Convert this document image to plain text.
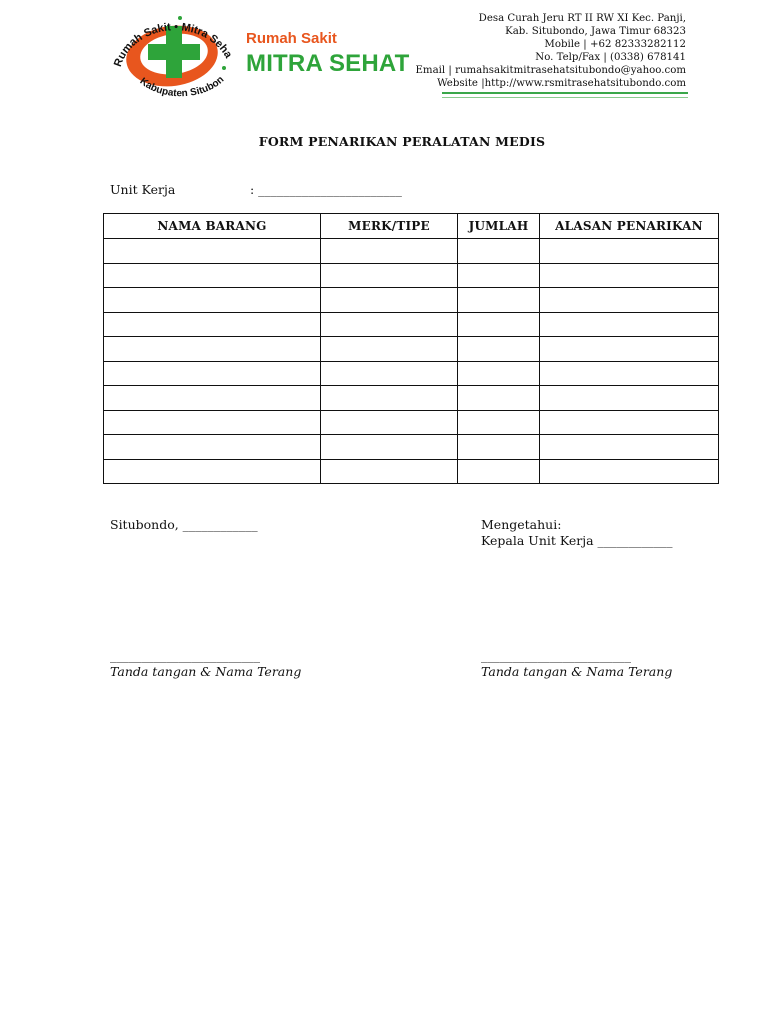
Rumah Sakit • Mitra Seha
Kabupaten Situbon
Rumah Sakit
MITRA SEHAT
Desa Curah Jeru RT II RW XI Kec. Panji,
Kab. Situbondo, Jawa Timur 68323
Mobile | +62 82333282112
No. Telp/Fax | (0338) 678141
Email | rumahsakitmitrasehatsitubondo@yahoo.com
Website |http://www.rsmitrasehatsitubondo.com
FORM PENARIKAN PERALATAN MEDIS
Unit Kerja	: _______________________
NAMA BARANG	MERK/TIPE	JUMLAH	ALASAN PENARIKAN

Situbondo, ____________	Mengetahui:
Kepala Unit Kerja ____________
________________________
Tanda tangan & Nama Terang
________________________
Tanda tangan & Nama Terang
